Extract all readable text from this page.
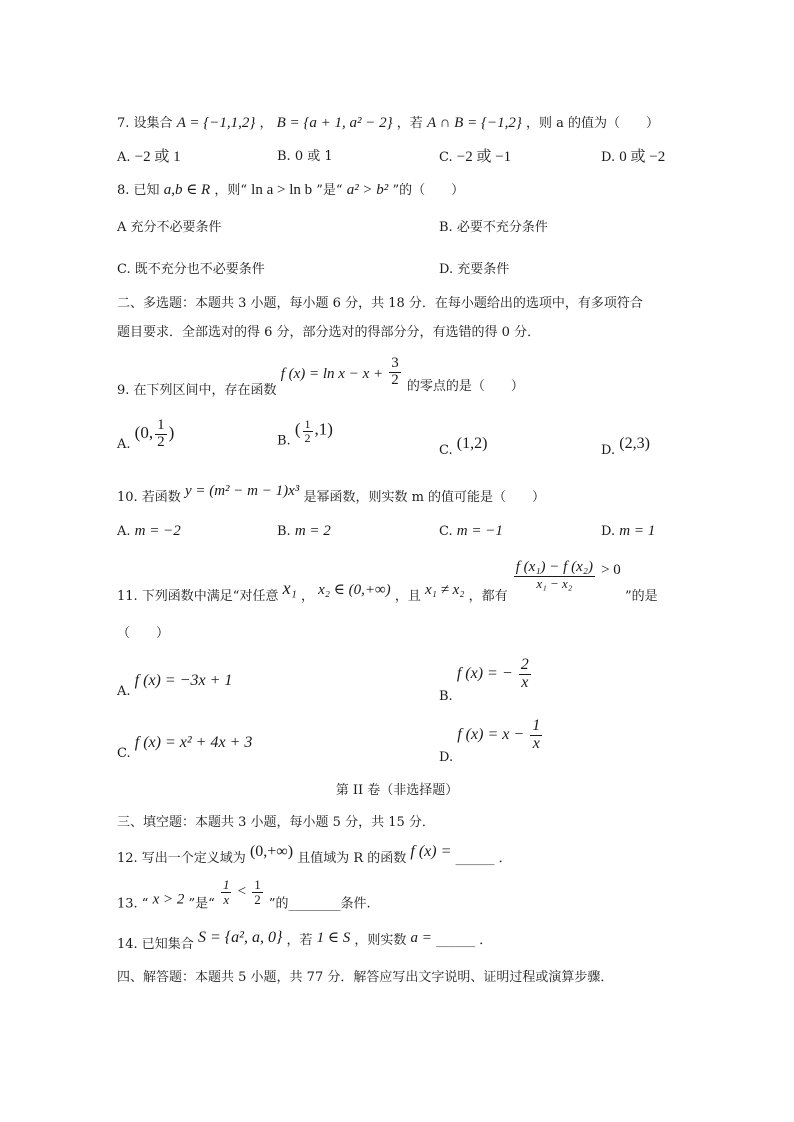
7. 设集合 A = {−1,1,2} ， B = {a + 1, a² − 2} ，若 A ∩ B = {−1,2} ，则 a 的值为（　　）
A. −2 或 1	B. 0 或 1	C. −2 或 −1	D. 0 或 −2
8. 已知 a,b ∈ R ，则“ ln a > ln b ”是“ a² > b² ”的（　　）
A 充分不必要条件	B. 必要不充分条件
C. 既不充分也不必要条件	D. 充要条件
二、多选题：本题共 3 小题，每小题 6 分，共 18 分．在每小题给出的选项中，有多项符合
题目要求．全部选对的得 6 分，部分选对的得部分分，有选错的得 0 分．
9. 在下列区间中，存在函数 f $(x) = \ln x - x + \frac{3}{2}$ 的零点的是（　　）
A. (0, $\frac{1}{2}$ )	B. ( $\frac{1}{2} ,1$)
C. (1,2)	D. (2,3)
10. 若函数 y = (m² − m − 1)x³ 是幂函数，则实数 m 的值可能是（　　）
A. m = −2	B. m = 2	C. m = −1	D. m = 1
11. 下列函数中满足“对任意 x₁ ， x₂ ∈ (0,+∞) ，且 x₁ ≠ x₂ ，都有
$\frac{\text{f (x₁) − f (x₂)}}{\text{x₁ − x₂}} > 0$ ”的是
（　　）
A. f (x) = −3x + 1
B. f (x) = − $\frac{2}{x}$
C. f (x) = x² + 4x + 3
D. f $(x) = x - \frac{1}{x}$
第 II 卷（非选择题）
三、填空题：本题共 3 小题，每小题 5 分，共 15 分．
12. 写出一个定义域为 (0,+∞) 且值域为 R 的函数 f (x) = ______ ．
13. “ x > 2 ”是“ $\frac{1}{x} < \frac{1}{2}$ ”的________条件.
14. 已知集合 S = {a², a, 0} ，若 1 ∈ S ，则实数 a = ______ ．
四、解答题：本题共 5 小题，共 77 分．解答应写出文字说明、证明过程或演算步骤．
